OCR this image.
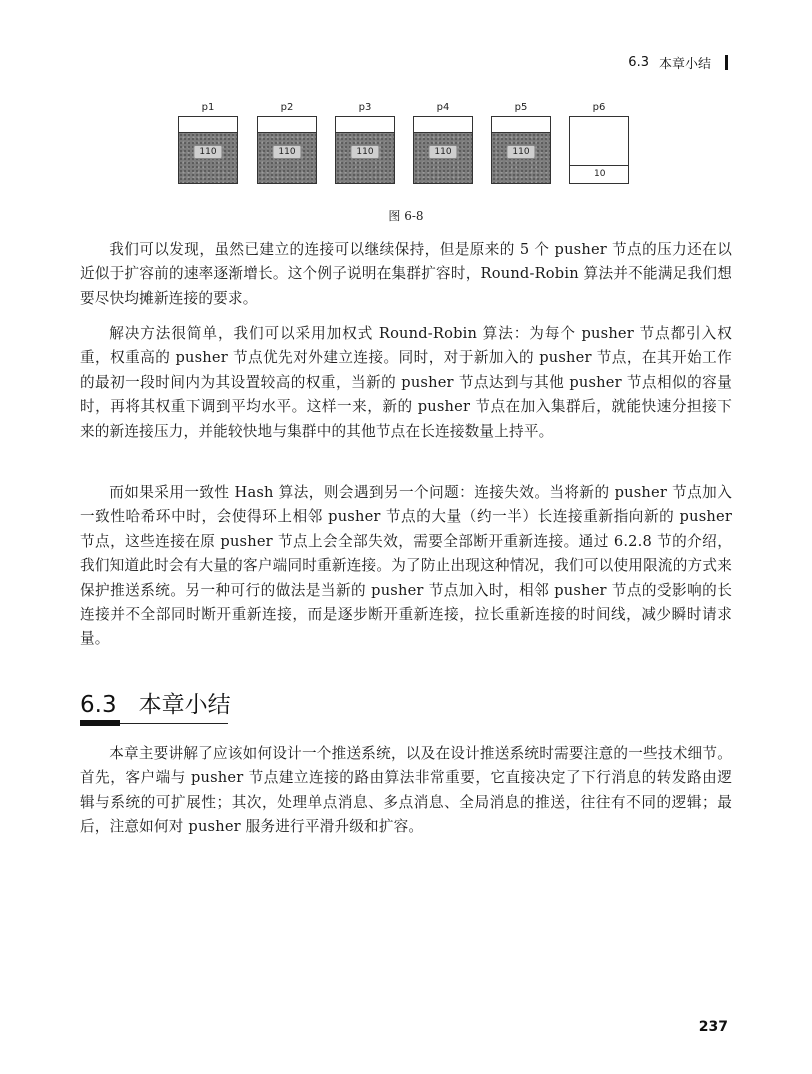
6.3 本章小结
p1
110
p2
110
p3
110
p4
110
p5
110
p6
10
图 6-8

我们可以发现，虽然已建立的连接可以继续保持，但是原来的 5 个 pusher 节点的压力还在以近似于扩容前的速率逐渐增长。这个例子说明在集群扩容时，Round-Robin 算法并不能满足我们想要尽快均摊新连接的要求。

解决方法很简单，我们可以采用加权式 Round-Robin 算法：为每个 pusher 节点都引入权重，权重高的 pusher 节点优先对外建立连接。同时，对于新加入的 pusher 节点，在其开始工作的最初一段时间内为其设置较高的权重，当新的 pusher 节点达到与其他 pusher 节点相似的容量时，再将其权重下调到平均水平。这样一来，新的 pusher 节点在加入集群后，就能快速分担接下来的新连接压力，并能较快地与集群中的其他节点在长连接数量上持平。

而如果采用一致性 Hash 算法，则会遇到另一个问题：连接失效。当将新的 pusher 节点加入一致性哈希环中时，会使得环上相邻 pusher 节点的大量（约一半）长连接重新指向新的 pusher 节点，这些连接在原 pusher 节点上会全部失效，需要全部断开重新连接。通过 6.2.8 节的介绍，我们知道此时会有大量的客户端同时重新连接。为了防止出现这种情况，我们可以使用限流的方式来保护推送系统。另一种可行的做法是当新的 pusher 节点加入时，相邻 pusher 节点的受影响的长连接并不全部同时断开重新连接，而是逐步断开重新连接，拉长重新连接的时间线，减少瞬时请求量。

6.3 本章小结

本章主要讲解了应该如何设计一个推送系统，以及在设计推送系统时需要注意的一些技术细节。首先，客户端与 pusher 节点建立连接的路由算法非常重要，它直接决定了下行消息的转发路由逻辑与系统的可扩展性；其次，处理单点消息、多点消息、全局消息的推送，往往有不同的逻辑；最后，注意如何对 pusher 服务进行平滑升级和扩容。

237
